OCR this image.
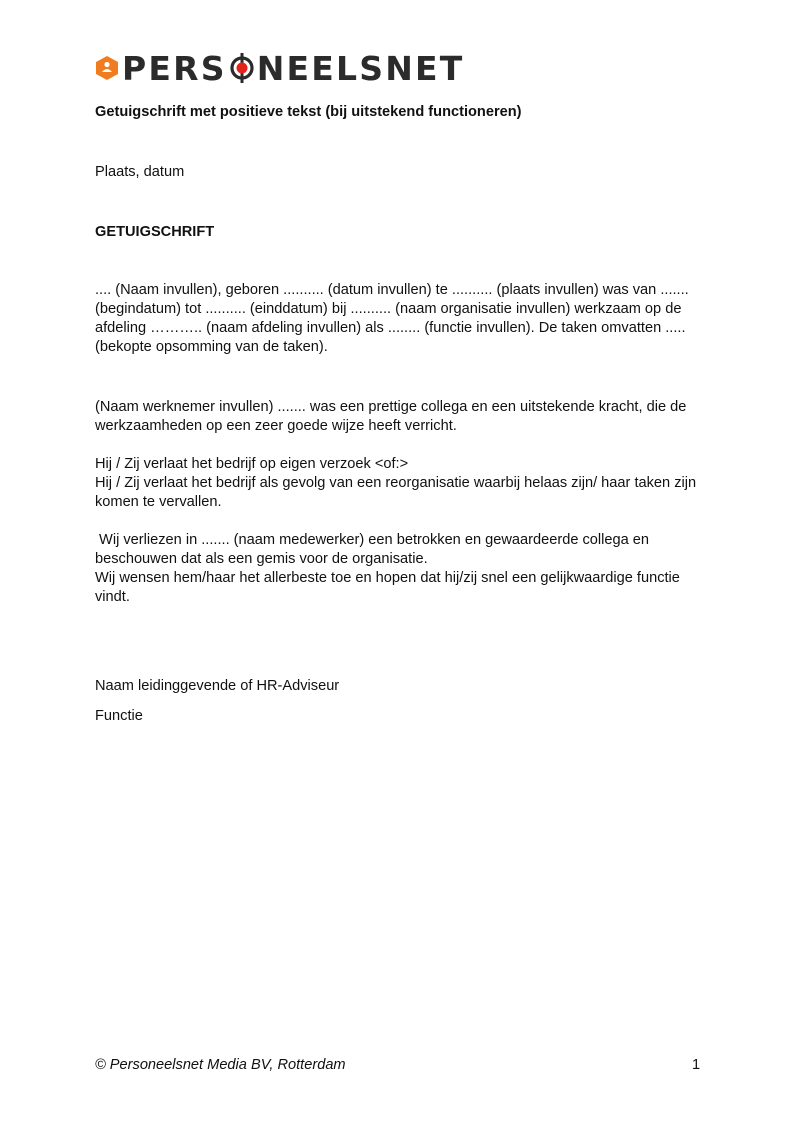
PERS NEELSNET

Getuigschrift met positieve tekst (bij uitstekend functioneren)

Plaats, datum

GETUIGSCHRIFT

.... (Naam invullen), geboren .......... (datum invullen) te .......... (plaats invullen) was van .......
(begindatum) tot .......... (einddatum) bij .......... (naam organisatie invullen) werkzaam op de
afdeling ……….. (naam afdeling invullen) als ........ (functie invullen). De taken omvatten .....
(bekopte opsomming van de taken).
(Naam werknemer invullen) ....... was een prettige collega en een uitstekende kracht, die de
werkzaamheden op een zeer goede wijze heeft verricht.
Hij / Zij verlaat het bedrijf op eigen verzoek <of:>
Hij / Zij verlaat het bedrijf als gevolg van een reorganisatie waarbij helaas zijn/ haar taken zijn
komen te vervallen.
Wij verliezen in ....... (naam medewerker) een betrokken en gewaardeerde collega en
beschouwen dat als een gemis voor de organisatie.
Wij wensen hem/haar het allerbeste toe en hopen dat hij/zij snel een gelijkwaardige functie
vindt.

Naam leidinggevende of HR-Adviseur

Functie

© Personeelsnet Media BV, Rotterdam	1
